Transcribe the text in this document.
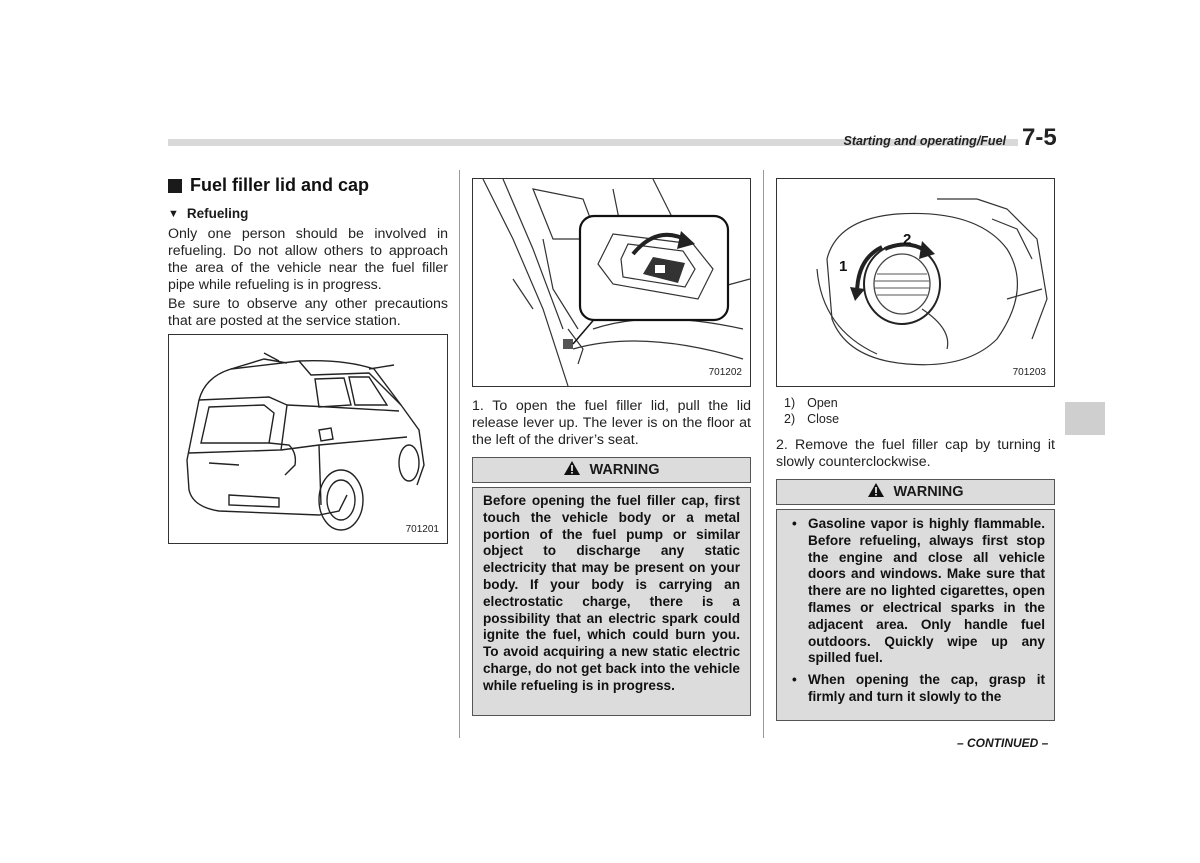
Starting and operating/Fuel 7-5
Fuel filler lid and cap
▼ Refueling
Only one person should be involved in refueling. Do not allow others to approach the area of the vehicle near the fuel filler pipe while refueling is in progress.
Be sure to observe any other precautions that are posted at the service station.
701201
701202
1. To open the fuel filler lid, pull the lid release lever up. The lever is on the floor at the left of the driver’s seat.
WARNING

Before opening the fuel filler cap, first touch the vehicle body or a metal portion of the fuel pump or similar object to discharge any static electricity that may be present on your body. If your body is carrying an electrostatic charge, there is a possibility that an electric spark could ignite the fuel, which could burn you. To avoid acquiring a new static electric charge, do not get back into the vehicle while refueling is in progress.

1
2
701203
1) Open
2) Close
2. Remove the fuel filler cap by turning it slowly counterclockwise.
WARNING
• Gasoline vapor is highly flammable. Before refueling, always first stop the engine and close all vehicle doors and windows. Make sure that there are no lighted cigarettes, open flames or electrical sparks in the adjacent area. Only handle fuel outdoors. Quickly wipe up any spilled fuel.
• When opening the cap, grasp it firmly and turn it slowly to the
– CONTINUED –
